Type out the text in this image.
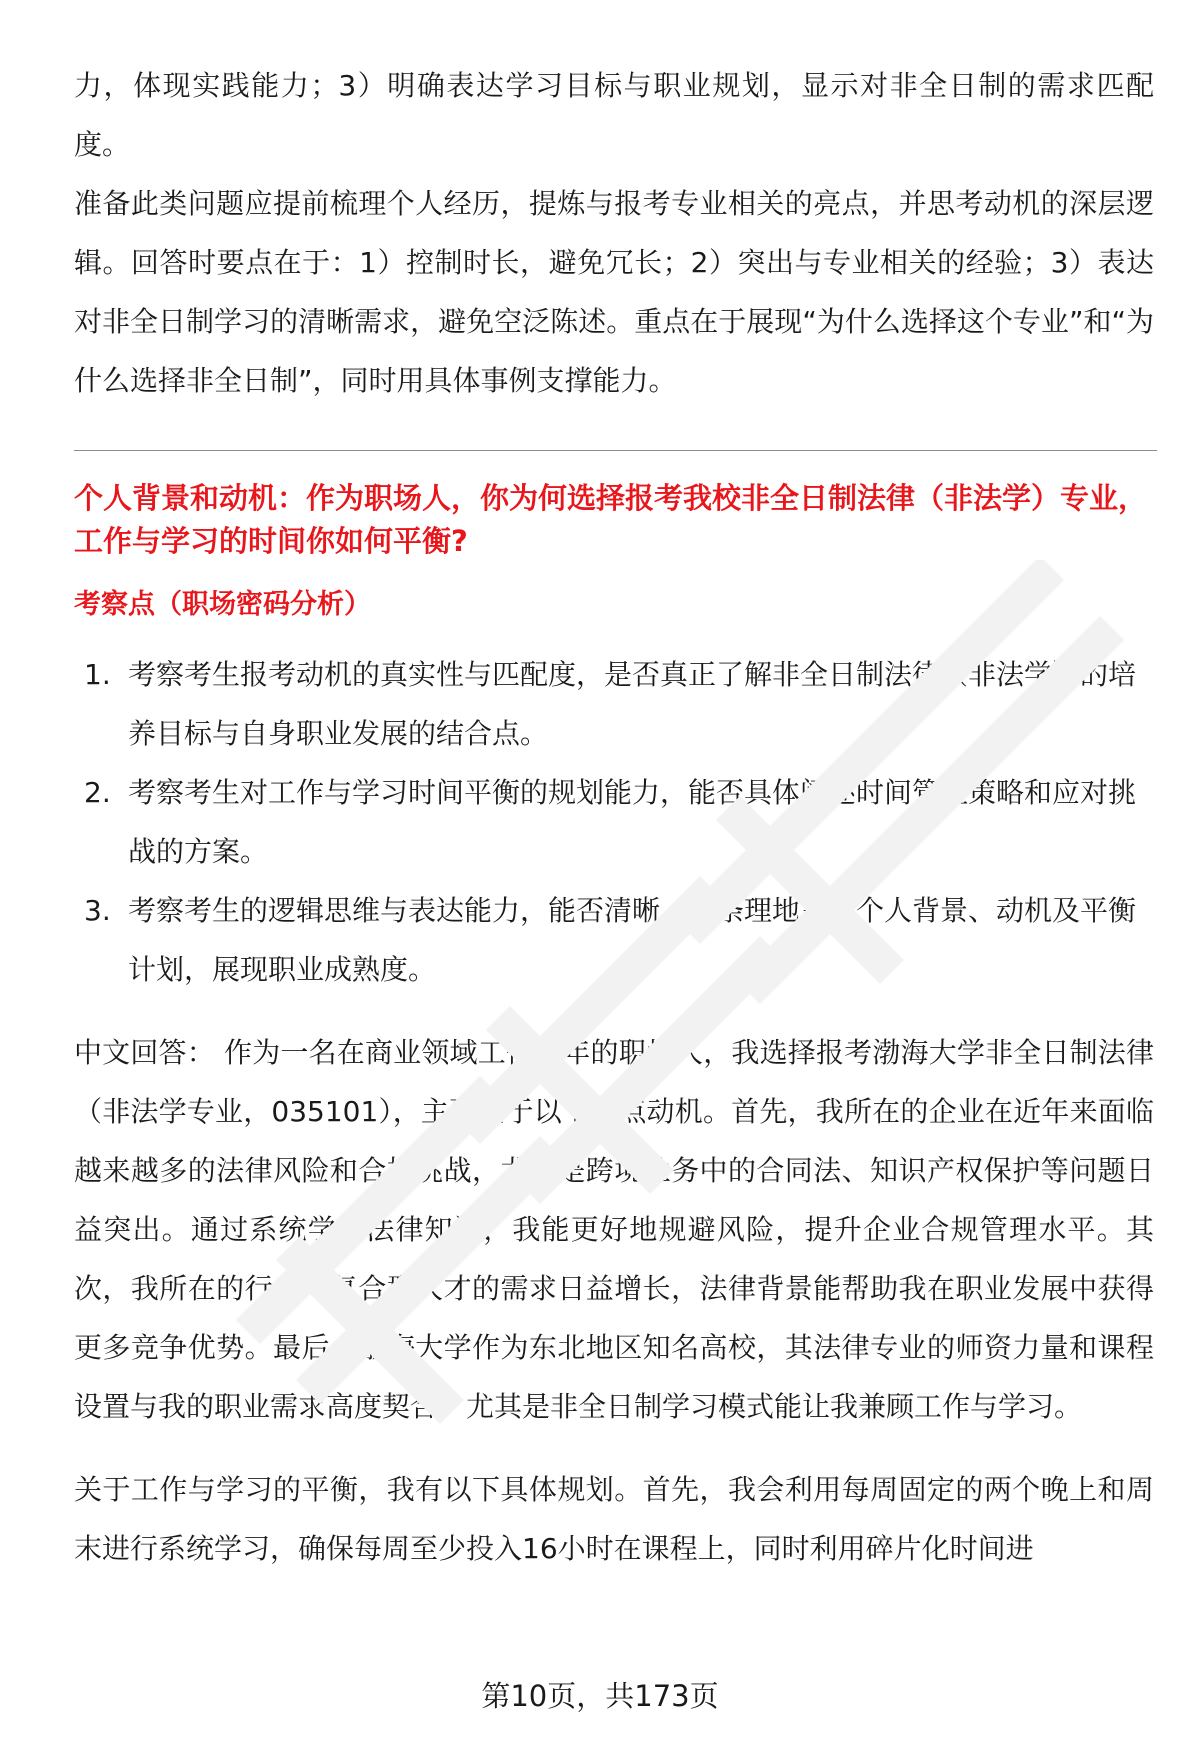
力，体现实践能力；3）明确表达学习目标与职业规划，显示对非全日制的需求匹配度。

准备此类问题应提前梳理个人经历，提炼与报考专业相关的亮点，并思考动机的深层逻辑。回答时要点在于：1）控制时长，避免冗长；2）突出与专业相关的经验；3）表达对非全日制学习的清晰需求，避免空泛陈述。重点在于展现“为什么选择这个专业”和“为什么选择非全日制”，同时用具体事例支撑能力。

个人背景和动机：作为职场人，你为何选择报考我校非全日制法律（非法学）专业，工作与学习的时间你如何平衡?

考察点（职场密码分析）

1. 考察考生报考动机的真实性与匹配度，是否真正了解非全日制法律（非法学）的培养目标与自身职业发展的结合点。
2. 考察考生对工作与学习时间平衡的规划能力，能否具体阐述时间管理策略和应对挑战的方案。
3. 考察考生的逻辑思维与表达能力，能否清晰、有条理地呈现个人背景、动机及平衡计划，展现职业成熟度。

中文回答： 作为一名在商业领域工作多年的职场人，我选择报考渤海大学非全日制法律（非法学专业，035101），主要基于以下三点动机。首先，我所在的企业在近年来面临越来越多的法律风险和合规挑战，尤其是跨境业务中的合同法、知识产权保护等问题日益突出。通过系统学习法律知识，我能更好地规避风险，提升企业合规管理水平。其次，我所在的行业对复合型人才的需求日益增长，法律背景能帮助我在职业发展中获得更多竞争优势。最后，渤海大学作为东北地区知名高校，其法律专业的师资力量和课程设置与我的职业需求高度契合，尤其是非全日制学习模式能让我兼顾工作与学习。

关于工作与学习的平衡，我有以下具体规划。首先，我会利用每周固定的两个晚上和周末进行系统学习，确保每周至少投入16小时在课程上，同时利用碎片化时间进

第10页，共173页
